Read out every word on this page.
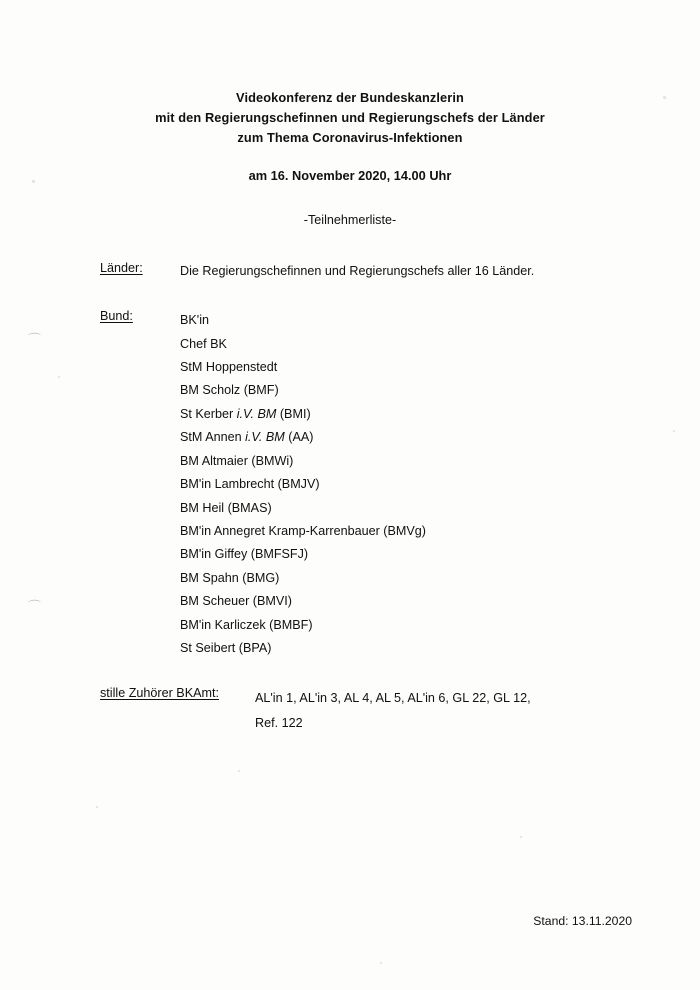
⌒
⌒
Videokonferenz der Bundeskanzlerin
mit den Regierungschefinnen und Regierungschefs der Länder
zum Thema Coronavirus-Infektionen
am 16. November 2020, 14.00 Uhr
-Teilnehmerliste-
Länder:	Die Regierungschefinnen und Regierungschefs aller 16 Länder.
Bund:	BK'in
Chef BK
StM Hoppenstedt
BM Scholz (BMF)
St Kerber i.V. BM (BMI)
StM Annen i.V. BM (AA)
BM Altmaier (BMWi)
BM'in Lambrecht (BMJV)
BM Heil (BMAS)
BM'in Annegret Kramp-Karrenbauer (BMVg)
BM'in Giffey (BMFSFJ)
BM Spahn (BMG)
BM Scheuer (BMVI)
BM'in Karliczek (BMBF)
St Seibert (BPA)
stille Zuhörer BKAmt:	AL'in 1, AL'in 3, AL 4, AL 5, AL'in 6, GL 22, GL 12,
Ref. 122
Stand: 13.11.2020
